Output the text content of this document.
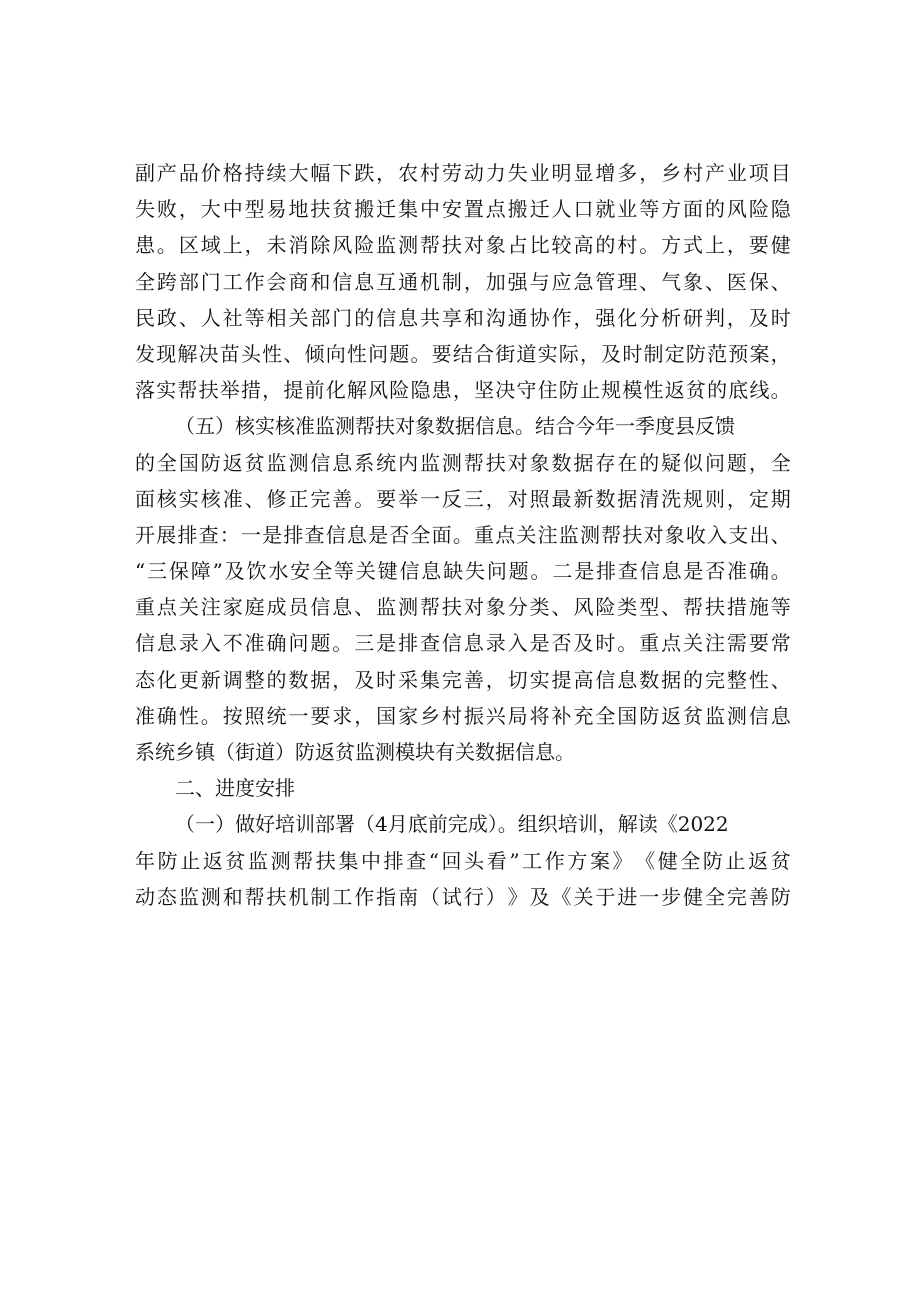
副 产 品 价 格 持 续 大 幅 下 跌 ， 农 村 劳 动 力 失 业 明 显 增 多 ， 乡 村 产 业 项 目
失 败 ， 大 中 型 易 地 扶 贫 搬 迁 集 中 安 置 点 搬 迁 人 口 就 业 等 方 面 的 风 险 隐
患 。 区 域 上 ， 未 消 除 风 险 监 测 帮 扶 对 象 占 比 较 高 的 村 。 方 式 上 ， 要 健
全 跨 部 门 工 作 会 商 和 信 息 互 通 机 制 ， 加 强 与 应 急 管 理 、 气 象 、 医 保 、
民 政 、 人 社 等 相 关 部 门 的 信 息 共 享 和 沟 通 协 作 ， 强 化 分 析 研 判 ， 及 时
发 现 解 决 苗 头 性 、 倾 向 性 问 题 。 要 结 合 街 道 实 际 ， 及 时 制 定 防 范 预 案 ，
落 实 帮 扶 举 措 ， 提 前 化 解 风 险 隐 患 ， 坚 决 守 住 防 止 规 模 性 返 贫 的 底 线 。
（五）核实核准监测帮扶对象数据信息。结合今年一季度县反馈
的 全 国 防 返 贫 监 测 信 息 系 统 内 监 测 帮 扶 对 象 数 据 存 在 的 疑 似 问 题 ， 全
面 核 实 核 准 、 修 正 完 善 。 要 举 一 反 三 ， 对 照 最 新 数 据 清 洗 规 则 ， 定 期
开 展 排 查 ： 一 是 排 查 信 息 是 否 全 面 。 重 点 关 注 监 测 帮 扶 对 象 收 入 支 出 、
“ 三 保 障 ” 及 饮 水 安 全 等 关 键 信 息 缺 失 问 题 。 二 是 排 查 信 息 是 否 准 确 。
重 点 关 注 家 庭 成 员 信 息 、 监 测 帮 扶 对 象 分 类 、 风 险 类 型 、 帮 扶 措 施 等
信 息 录 入 不 准 确 问 题 。 三 是 排 查 信 息 录 入 是 否 及 时 。 重 点 关 注 需 要 常
态 化 更 新 调 整 的 数 据 ， 及 时 采 集 完 善 ， 切 实 提 高 信 息 数 据 的 完 整 性 、
准 确 性 。 按 照 统 一 要 求 ， 国 家 乡 村 振 兴 局 将 补 充 全 国 防 返 贫 监 测 信 息
系统乡镇（街道）防返贫监测模块有关数据信息。
二、进度安排
（一）做好培训部署（4月底前完成）。组织培训，解读《2022
年 防 止 返 贫 监 测 帮 扶 集 中 排 查 “ 回 头 看 ” 工 作 方 案 》 《 健 全 防 止 返 贫
动 态 监 测 和 帮 扶 机 制 工 作 指 南 （ 试 行 ） 》 及 《 关 于 进 一 步 健 全 完 善 防
